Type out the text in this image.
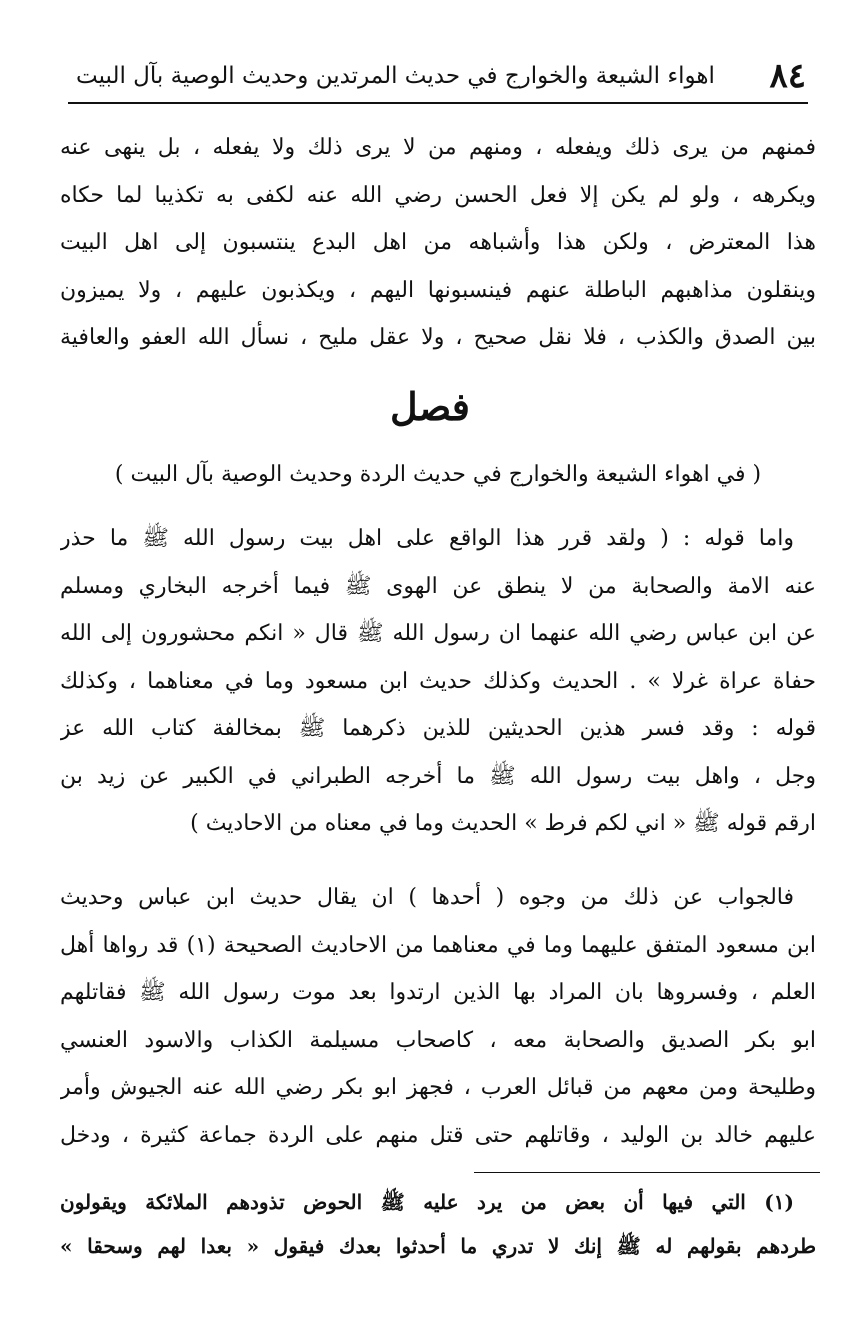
٨٤
اهواء الشيعة والخوارج في حديث المرتدين وحديث الوصية بآل البيت
فمنهم من يرى ذلك ويفعله ، ومنهم من لا يرى ذلك ولا يفعله ، بل ينهى عنه
ويكرهه ، ولو لم يكن إلا فعل الحسن رضي الله عنه لكفى به تكذيبا لما حكاه
هذا المعترض ، ولكن هذا وأشباهه من اهل البدع ينتسبون إلى اهل البيت
وينقلون مذاهبهم الباطلة عنهم فينسبونها اليهم ، ويكذبون عليهم ، ولا يميزون
بين الصدق والكذب ، فلا نقل صحيح ، ولا عقل مليح ، نسأل الله العفو والعافية
فصل
( في اهواء الشيعة والخوارج في حديث الردة وحديث الوصية بآل البيت )
واما قوله : ( ولقد قرر هذا الواقع على اهل بيت رسول الله ﷺ ما حذر
عنه الامة والصحابة من لا ينطق عن الهوى ﷺ فيما أخرجه البخاري ومسلم
عن ابن عباس رضي الله عنهما ان رسول الله ﷺ قال « انكم محشورون إلى الله
حفاة عراة غرلا » . الحديث وكذلك حديث ابن مسعود وما في معناهما ، وكذلك
قوله : وقد فسر هذين الحديثين للذين ذكرهما ﷺ بمخالفة كتاب الله عز
وجل ، واهل بيت رسول الله ﷺ ما أخرجه الطبراني في الكبير عن زيد بن
ارقم قوله ﷺ « اني لكم فرط » الحديث وما في معناه من الاحاديث )
فالجواب عن ذلك من وجوه ( أحدها ) ان يقال حديث ابن عباس وحديث
ابن مسعود المتفق عليهما وما في معناهما من الاحاديث الصحيحة (١) قد رواها أهل
العلم ، وفسروها بان المراد بها الذين ارتدوا بعد موت رسول الله ﷺ فقاتلهم
ابو بكر الصديق والصحابة معه ، كاصحاب مسيلمة الكذاب والاسود العنسي
وطليحة ومن معهم من قبائل العرب ، فجهز ابو بكر رضي الله عنه الجيوش وأمر
عليهم خالد بن الوليد ، وقاتلهم حتى قتل منهم على الردة جماعة كثيرة ، ودخل
(١) التي فيها أن بعض من يرد عليه ﷺ الحوض تذودهم الملائكة ويقولون
طردهم بقولهم له ﷺ إنك لا تدري ما أحدثوا بعدك فيقول « بعدا لهم وسحقا »
